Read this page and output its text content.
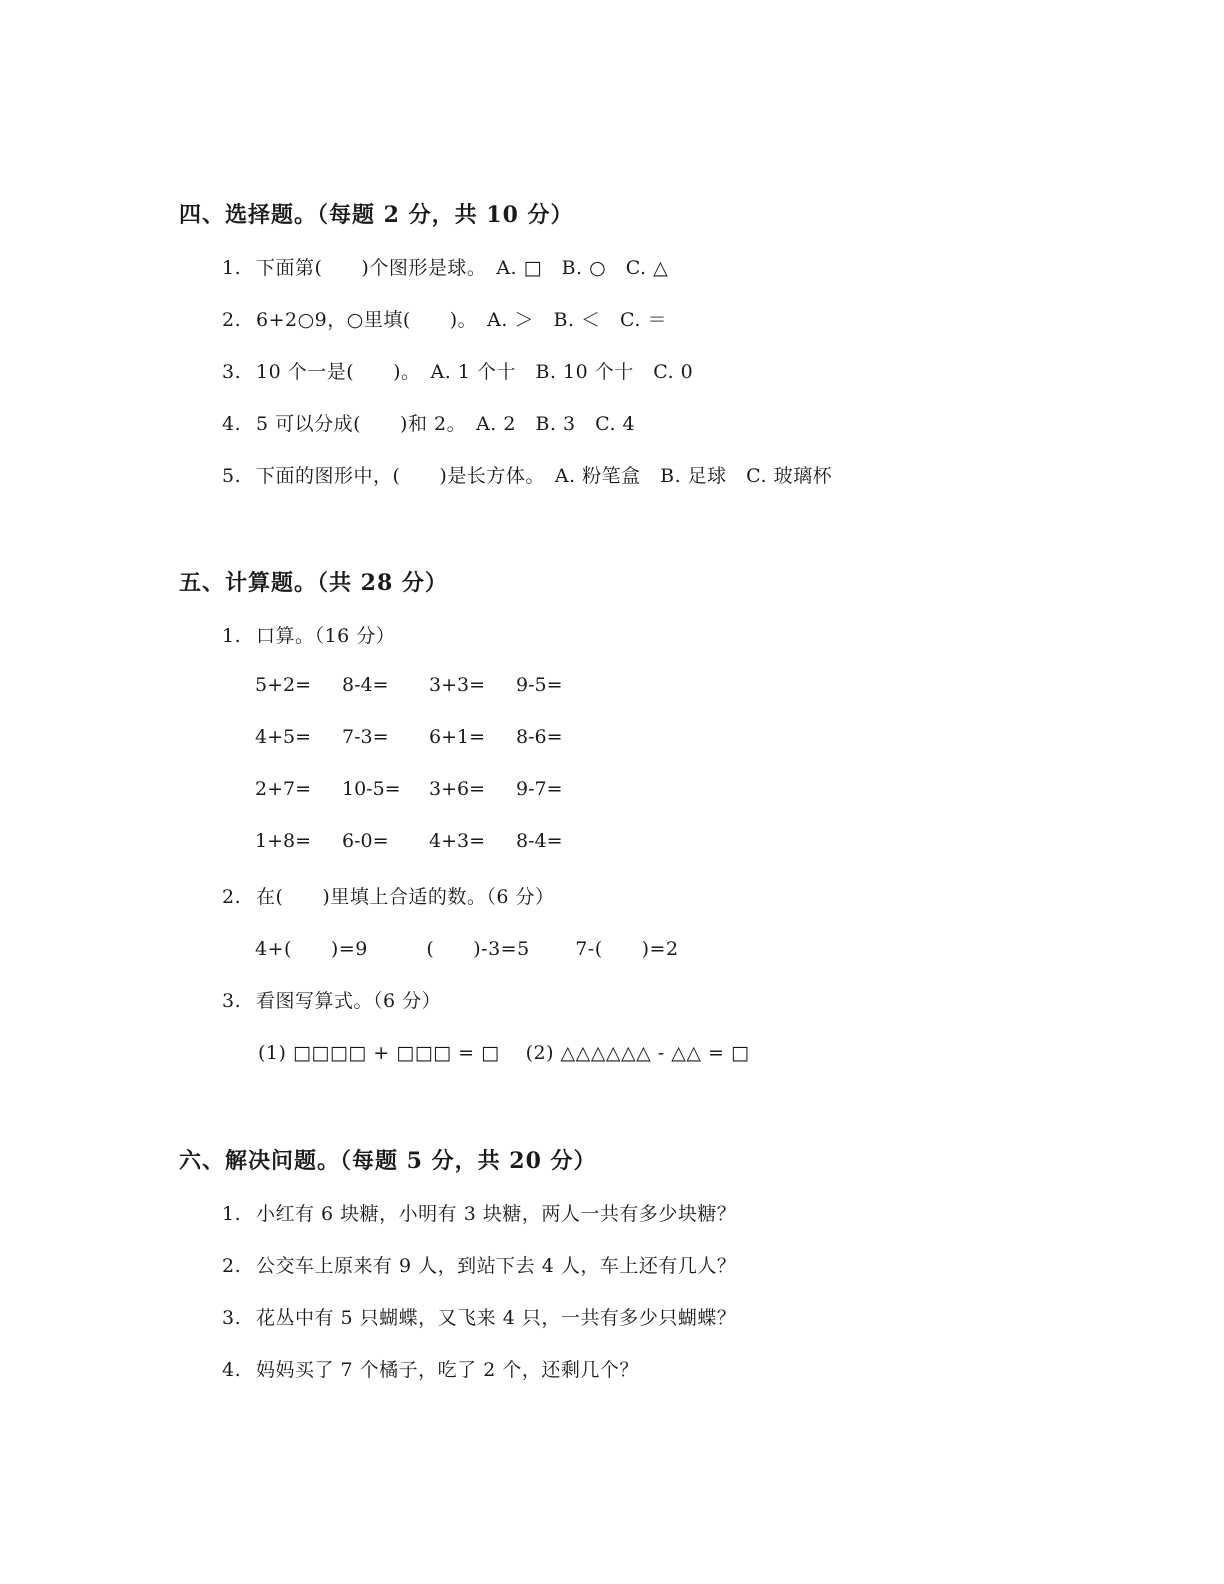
四、选择题。（每题 2 分，共 10 分）
1. 下面第(　　)个图形是球。　A. □　B. ○　C. △
2. 6+2○9，○里填(　　)。　A. ＞　B. ＜　C. ＝
3. 10 个一是(　　)。　A. 1 个十　B. 10 个十　C. 0
4. 5 可以分成(　　)和 2。　A. 2　B. 3　C. 4
5. 下面的图形中，(　　)是长方体。　A. 粉笔盒　B. 足球　C. 玻璃杯
五、计算题。（共 28 分）
1. 口算。（16 分）
5+2= 8-4= 3+3= 9-5=
4+5= 7-3= 6+1= 8-6=
2+7= 10-5= 3+6= 9-7=
1+8= 6-0= 4+3= 8-4=
2. 在(　　)里填上合适的数。（6 分）
4+(　　)=9　　　(　　)-3=5　　 7-(　　)=2
3. 看图写算式。（6 分）
(1) □□□□ + □□□ = □　 (2) △△△△△△ - △△ = □
六、解决问题。（每题 5 分，共 20 分）
1. 小红有 6 块糖，小明有 3 块糖，两人一共有多少块糖？
2. 公交车上原来有 9 人，到站下去 4 人，车上还有几人？
3. 花丛中有 5 只蝴蝶，又飞来 4 只，一共有多少只蝴蝶？
4. 妈妈买了 7 个橘子，吃了 2 个，还剩几个？
